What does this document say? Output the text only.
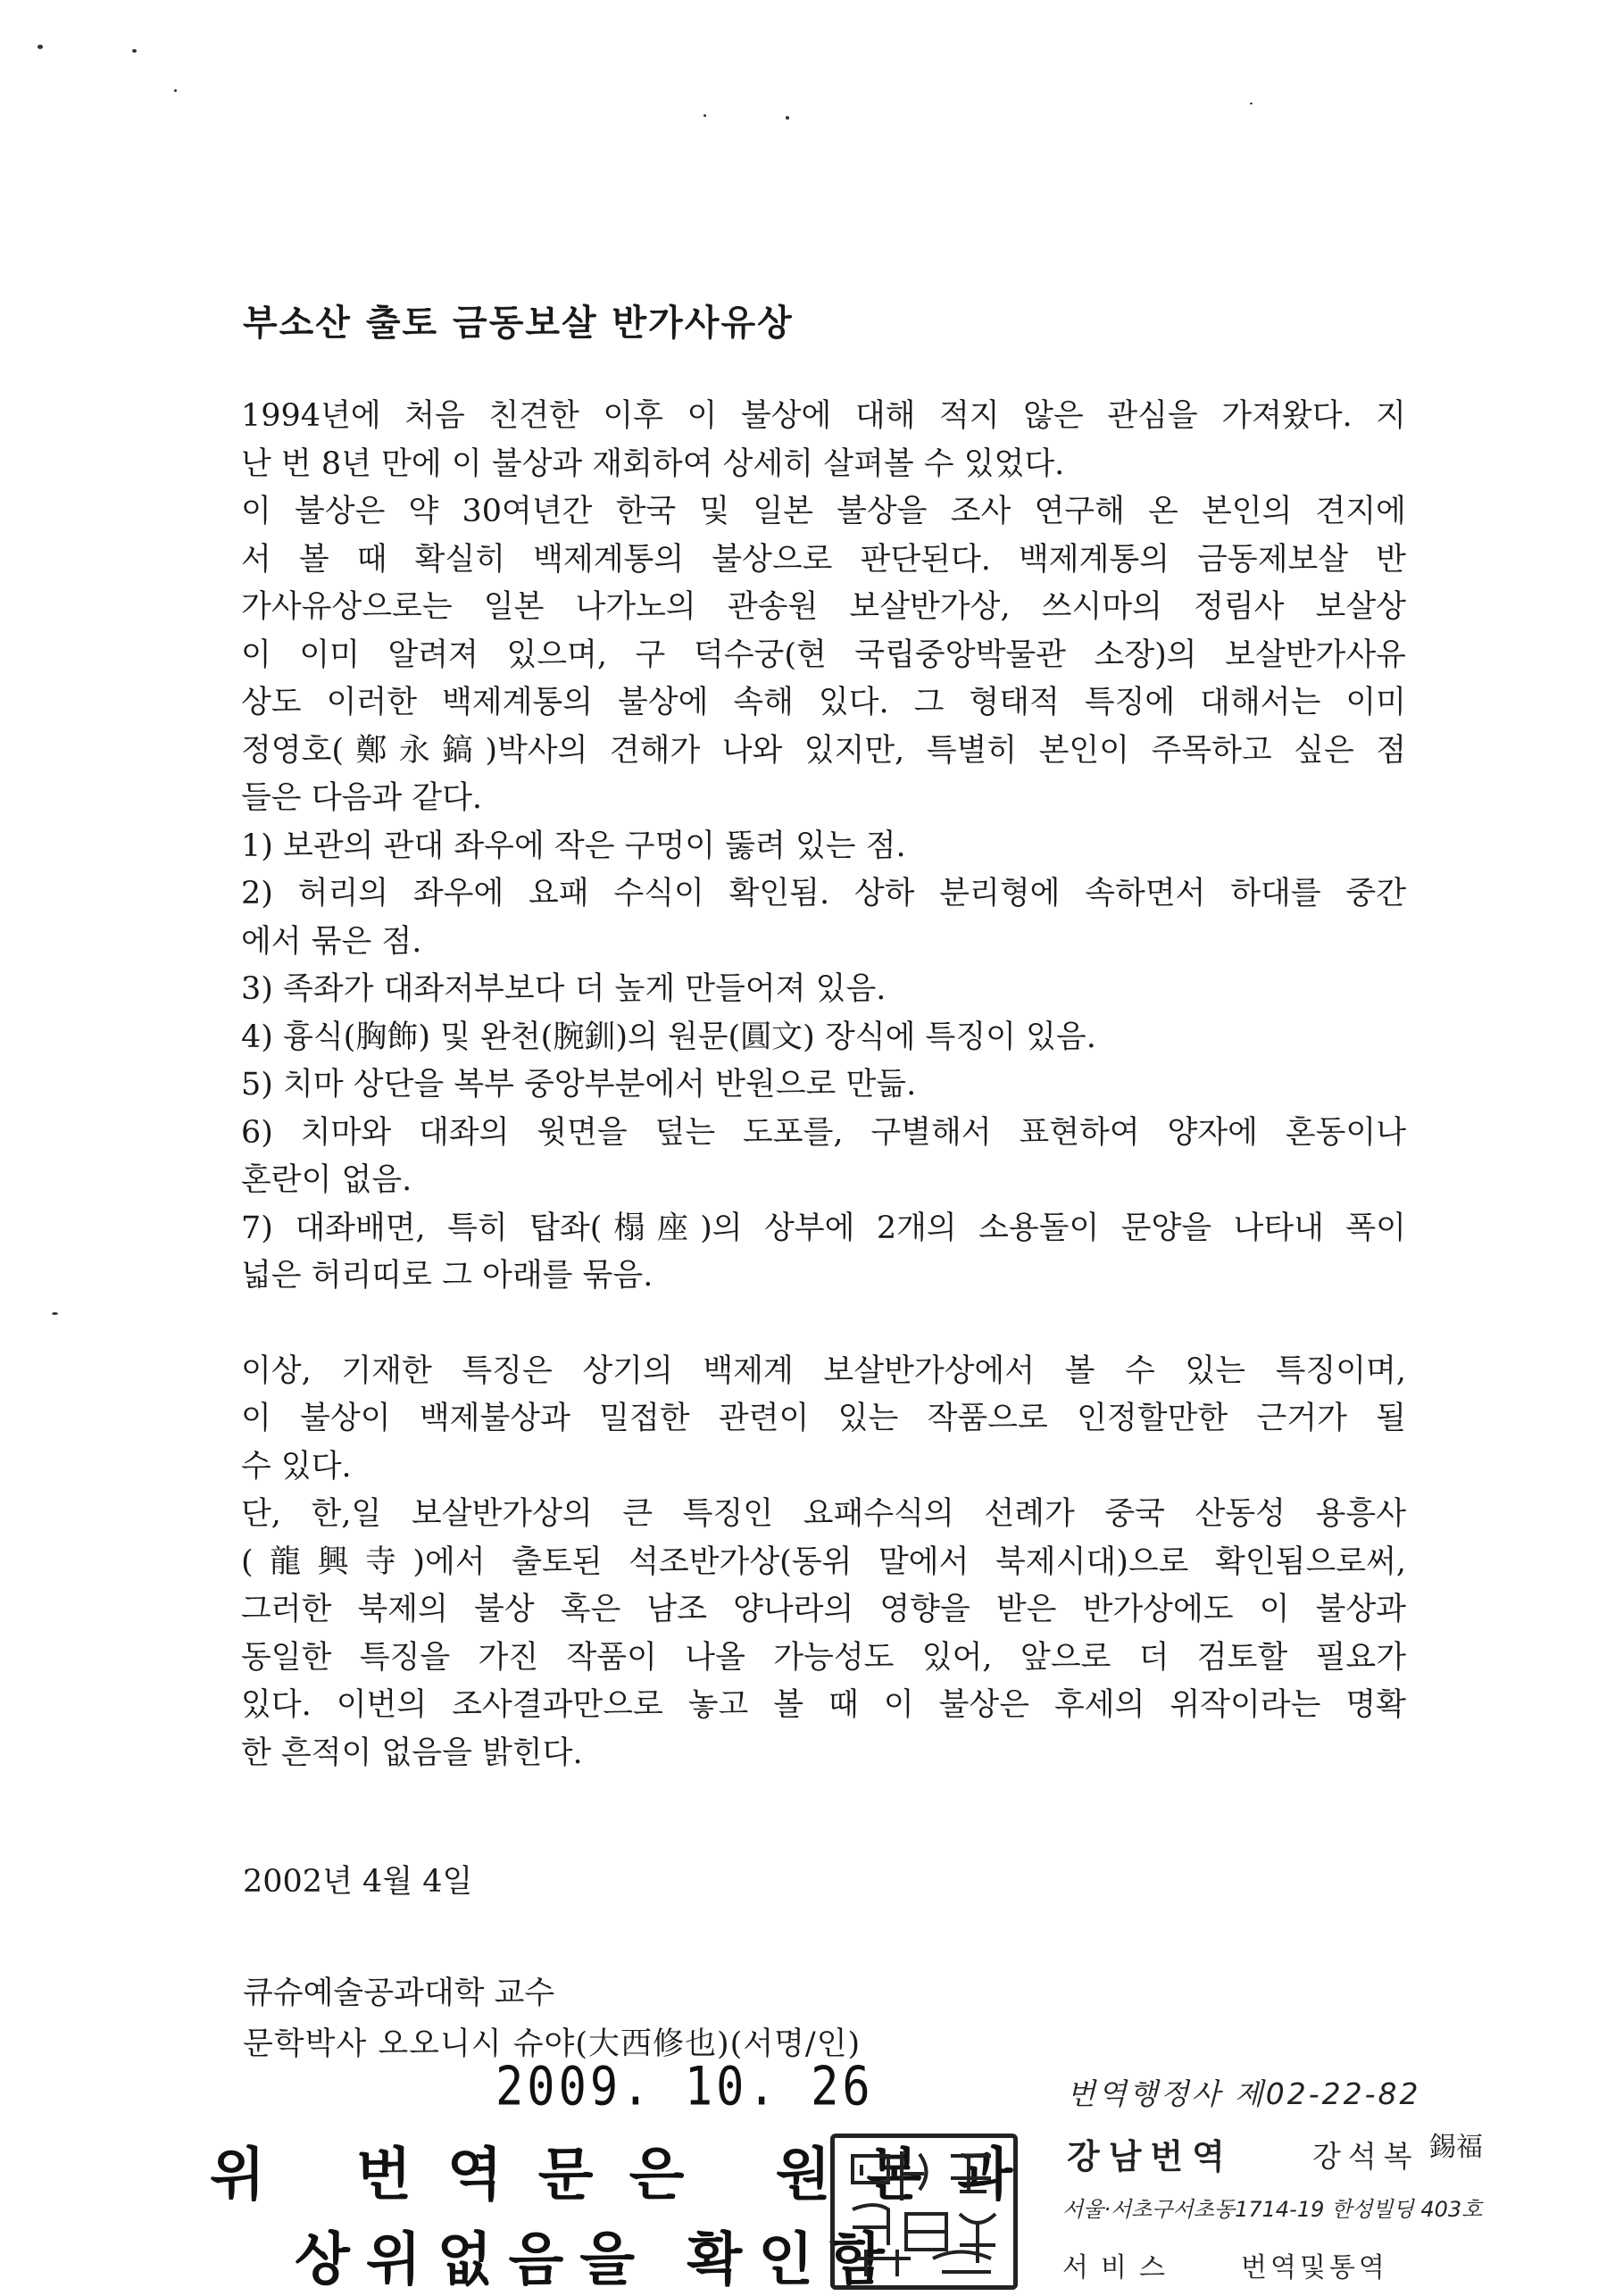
부소산 출토 금동보살 반가사유상
1994년에 처음 친견한 이후 이 불상에 대해 적지 않은 관심을 가져왔다. 지
난 번 8년 만에 이 불상과 재회하여 상세히 살펴볼 수 있었다.
이 불상은 약 30여년간 한국 및 일본 불상을 조사 연구해 온 본인의 견지에
서 볼 때 확실히 백제계통의 불상으로 판단된다. 백제계통의 금동제보살 반
가사유상으로는 일본 나가노의 관송원 보살반가상, 쓰시마의 정림사 보살상
이 이미 알려져 있으며, 구 덕수궁(현 국립중앙박물관 소장)의 보살반가사유
상도 이러한 백제계통의 불상에 속해 있다. 그 형태적 특징에 대해서는 이미
정영호(鄭永鎬)박사의 견해가 나와 있지만, 특별히 본인이 주목하고 싶은 점
들은 다음과 같다.
1) 보관의 관대 좌우에 작은 구멍이 뚫려 있는 점.
2) 허리의 좌우에 요패 수식이 확인됨. 상하 분리형에 속하면서 하대를 중간
에서 묶은 점.
3) 족좌가 대좌저부보다 더 높게 만들어져 있음.
4) 흉식(胸飾) 및 완천(腕釧)의 원문(圓文) 장식에 특징이 있음.
5) 치마 상단을 복부 중앙부분에서 반원으로 만듦.
6) 치마와 대좌의 윗면을 덮는 도포를, 구별해서 표현하여 양자에 혼동이나
혼란이 없음.
7) 대좌배면, 특히 탑좌(榻座)의 상부에 2개의 소용돌이 문양을 나타내 폭이
넓은 허리띠로 그 아래를 묶음.
이상, 기재한 특징은 상기의 백제계 보살반가상에서 볼 수 있는 특징이며,
이 불상이 백제불상과 밀접한 관련이 있는 작품으로 인정할만한 근거가 될
수 있다.
단, 한,일 보살반가상의 큰 특징인 요패수식의 선례가 중국 산동성 용흥사
(龍興寺)에서 출토된 석조반가상(동위 말에서 북제시대)으로 확인됨으로써,
그러한 북제의 불상 혹은 남조 양나라의 영향을 받은 반가상에도 이 불상과
동일한 특징을 가진 작품이 나올 가능성도 있어, 앞으로 더 검토할 필요가
있다. 이번의 조사결과만으로 놓고 볼 때 이 불상은 후세의 위작이라는 명확
한 흔적이 없음을 밝힌다.
2002년 4월 4일
큐슈예술공과대학 교수
문학박사 오오니시 슈야(大西修也)(서명/인)
2009. 10. 26
위 번역문은 원본과
상위없음을 확인함
번역행정사 제02-22-82
강남번역	강석복 錫福
서울·서초구서초동1714-19 한성빌딩 403호
서비스 번역및통역
